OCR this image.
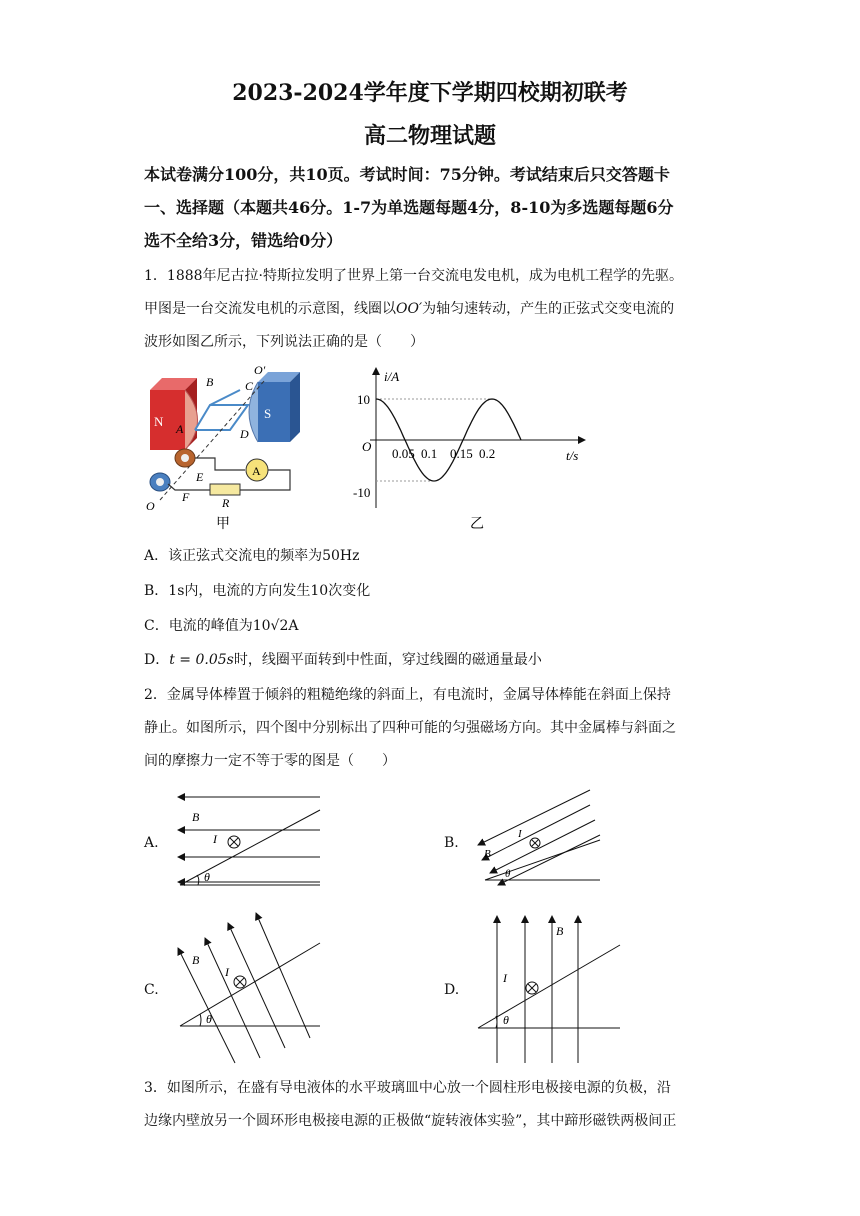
2023-2024学年度下学期四校期初联考
高二物理试题
本试卷满分100分，共10页。考试时间：75分钟。考试结束后只交答题卡
一、选择题（本题共46分。1-7为单选题每题4分，8-10为多选题每题6分
选不全给3分，错选给0分）
1．1888年尼古拉·特斯拉发明了世界上第一台交流电发电机，成为电机工程学的先驱。
甲图是一台交流发电机的示意图，线圈以OO′为轴匀速转动，产生的正弦式交变电流的
波形如图乙所示，下列说法正确的是（　　）
N
S
A
B	C
A	D
E
F	R
O
O′
甲
i/A
t/s
O
10
-10
0.05 0.1 0.15 0.2
乙
A．该正弦式交流电的频率为50Hz
B．1s内，电流的方向发生10次变化
C．电流的峰值为10√2A
D．t = 0.05s时，线圈平面转到中性面，穿过线圈的磁通量最小
2．金属导体棒置于倾斜的粗糙绝缘的斜面上，有电流时，金属导体棒能在斜面上保持
静止。如图所示，四个图中分别标出了四种可能的匀强磁场方向。其中金属棒与斜面之
间的摩擦力一定不等于零的图是（　　）
A.	B.
C.	D.
B
I
θ
B
I
θ
B
I
θ
B
I
θ
3．如图所示，在盛有导电液体的水平玻璃皿中心放一个圆柱形电极接电源的负极，沿
边缘内壁放另一个圆环形电极接电源的正极做“旋转液体实验”，其中蹄形磁铁两极间正
